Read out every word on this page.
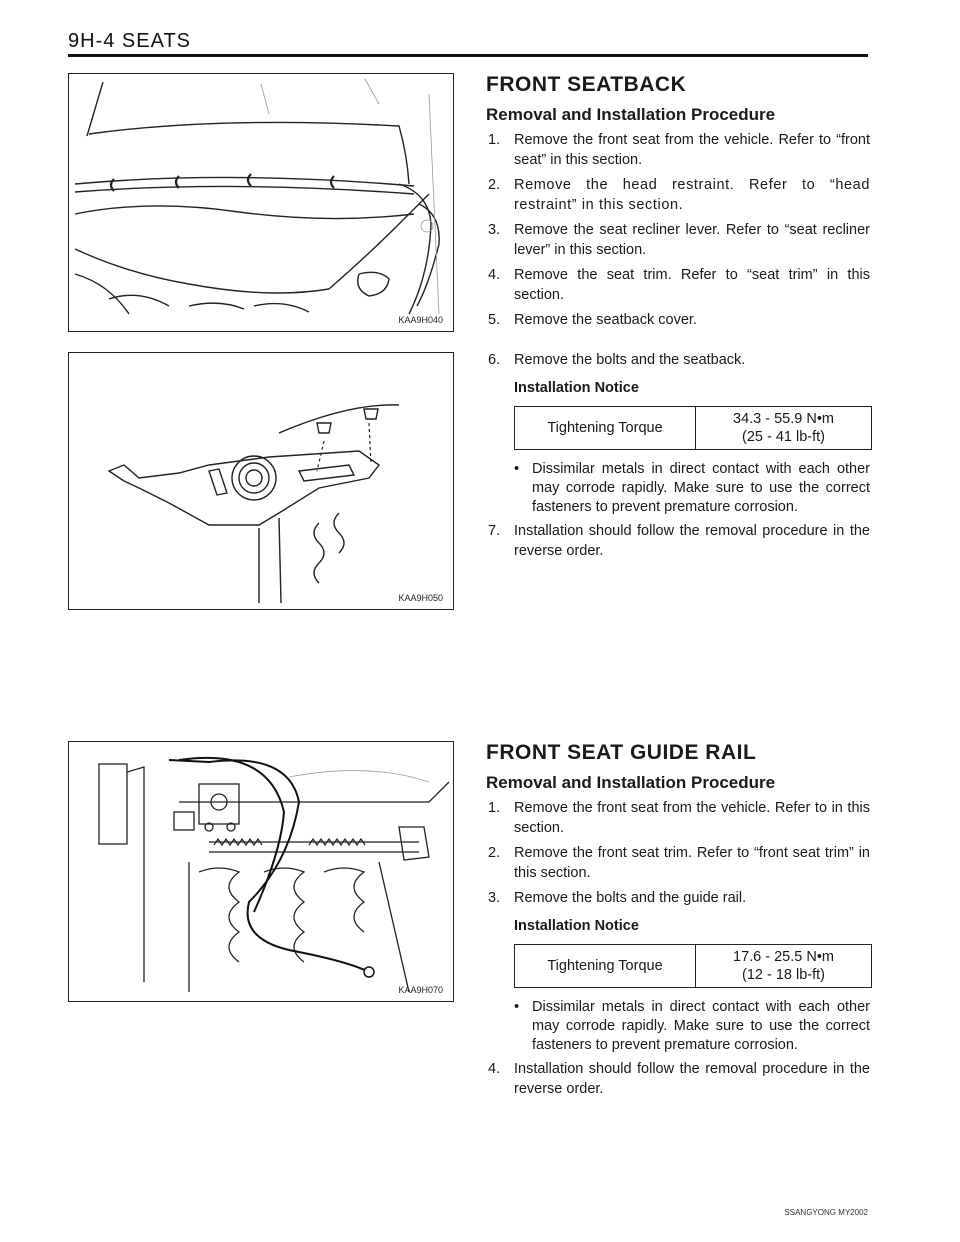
9H-4 SEATS
KAA9H040
KAA9H050
KAA9H070
FRONT SEATBACK
Removal and Installation Procedure
1. Remove the front seat from the vehicle. Refer to “front seat” in this section.
2. Remove the head restraint. Refer to “head restraint” in this section.
3. Remove the seat recliner lever. Refer to “seat recliner lever” in this section.
4. Remove the seat trim. Refer to “seat trim” in this section.
5. Remove the seatback cover.
6. Remove the bolts and the seatback.
Installation Notice
Tightening Torque
34.3 - 55.9 N•m
(25 - 41 lb-ft)
• Dissimilar metals in direct contact with each other may corrode rapidly. Make sure to use the correct fasteners to prevent premature corrosion.
7. Installation should follow the removal procedure in the reverse order.
FRONT SEAT GUIDE RAIL
Removal and Installation Procedure
1. Remove the front seat from the vehicle. Refer to in this section.
2. Remove the front seat trim. Refer to “front seat trim” in this section.
3. Remove the bolts and the guide rail.
Installation Notice
Tightening Torque
17.6 - 25.5 N•m
(12 - 18 lb-ft)
• Dissimilar metals in direct contact with each other may corrode rapidly. Make sure to use the correct fasteners to prevent premature corrosion.
4. Installation should follow the removal procedure in the reverse order.
SSANGYONG MY2002
